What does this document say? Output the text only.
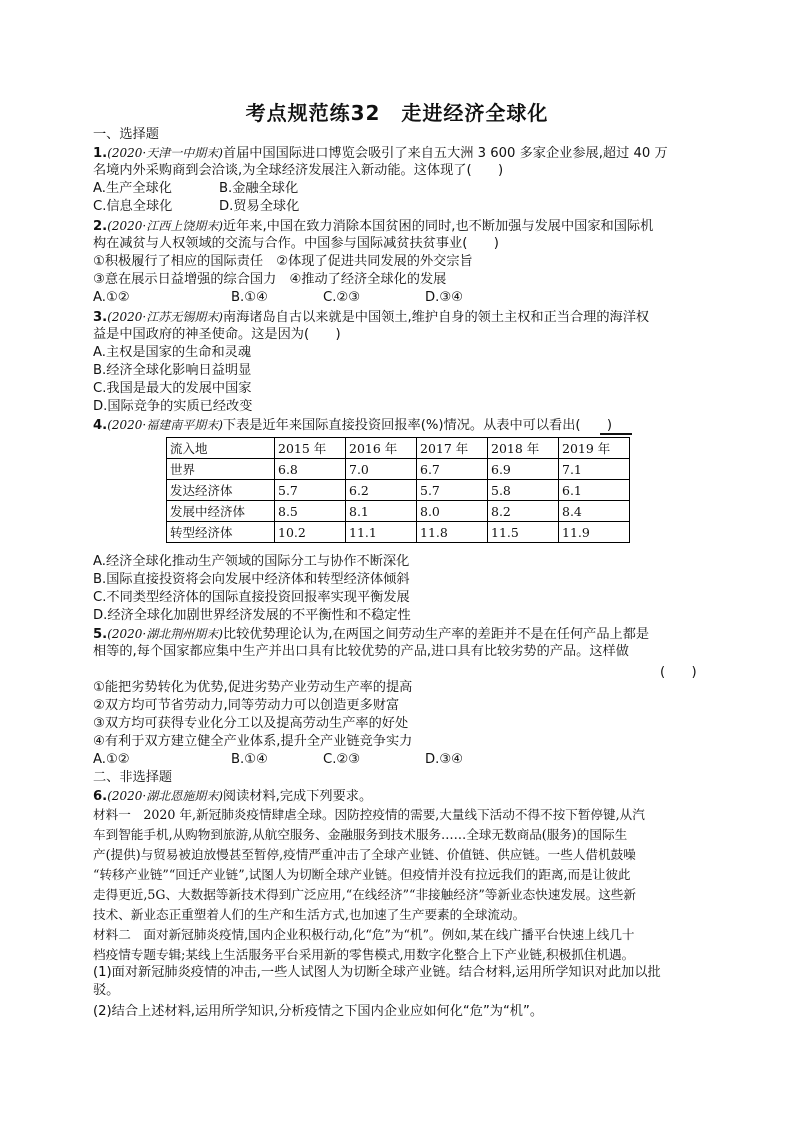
考点规范练32　走进经济全球化
一、选择题
1.(2020·天津一中期末)首届中国国际进口博览会吸引了来自五大洲 3 600 多家企业参展,超过 40 万
名境内外采购商到会洽谈,为全球经济发展注入新动能。这体现了(　　)
A.生产全球化	B.金融全球化
C.信息全球化	D.贸易全球化
2.(2020·江西上饶期末)近年来,中国在致力消除本国贫困的同时,也不断加强与发展中国家和国际机
构在减贫与人权领域的交流与合作。中国参与国际减贫扶贫事业(　　)
①积极履行了相应的国际责任　②体现了促进共同发展的外交宗旨
③意在展示日益增强的综合国力　④推动了经济全球化的发展
A.①②	B.①④	C.②③	D.③④
3.(2020·江苏无锡期末)南海诸岛自古以来就是中国领土,维护自身的领土主权和正当合理的海洋权
益是中国政府的神圣使命。这是因为(　　)
A.主权是国家的生命和灵魂
B.经济全球化影响日益明显
C.我国是最大的发展中国家
D.国际竞争的实质已经改变
4.(2020·福建南平期末)下表是近年来国际直接投资回报率(%)情况。从表中可以看出(　　)
流入地	2015 年	2016 年	2017 年	2018 年	2019 年
世界	6.8	7.0	6.7	6.9	7.1
发达经济体	5.7	6.2	5.7	5.8	6.1
发展中经济体	8.5	8.1	8.0	8.2	8.4
转型经济体	10.2	11.1	11.8	11.5	11.9
A.经济全球化推动生产领域的国际分工与协作不断深化
B.国际直接投资将会向发展中经济体和转型经济体倾斜
C.不同类型经济体的国际直接投资回报率实现平衡发展
D.经济全球化加剧世界经济发展的不平衡性和不稳定性
5.(2020·湖北荆州期末)比较优势理论认为,在两国之间劳动生产率的差距并不是在任何产品上都是
相等的,每个国家都应集中生产并出口具有比较优势的产品,进口具有比较劣势的产品。这样做
(　　)
①能把劣势转化为优势,促进劣势产业劳动生产率的提高
②双方均可节省劳动力,同等劳动力可以创造更多财富
③双方均可获得专业化分工以及提高劳动生产率的好处
④有利于双方建立健全产业体系,提升全产业链竞争实力
A.①②	B.①④	C.②③	D.③④
二、非选择题
6.(2020·湖北恩施期末)阅读材料,完成下列要求。
材料一　2020 年,新冠肺炎疫情肆虐全球。因防控疫情的需要,大量线下活动不得不按下暂停键,从汽
车到智能手机,从购物到旅游,从航空服务、金融服务到技术服务……全球无数商品(服务)的国际生
产(提供)与贸易被迫放慢甚至暂停,疫情严重冲击了全球产业链、价值链、供应链。一些人借机鼓噪
“转移产业链”“回迁产业链”,试图人为切断全球产业链。但疫情并没有拉远我们的距离,而是让彼此
走得更近,5G、大数据等新技术得到广泛应用,“在线经济”“非接触经济”等新业态快速发展。这些新
技术、新业态正重塑着人们的生产和生活方式,也加速了生产要素的全球流动。
材料二　面对新冠肺炎疫情,国内企业积极行动,化“危”为“机”。例如,某在线广播平台快速上线几十
档疫情专题专辑;某线上生活服务平台采用新的零售模式,用数字化整合上下产业链,积极抓住机遇。
(1)面对新冠肺炎疫情的冲击,一些人试图人为切断全球产业链。结合材料,运用所学知识对此加以批
驳。
(2)结合上述材料,运用所学知识,分析疫情之下国内企业应如何化“危”为“机”。
